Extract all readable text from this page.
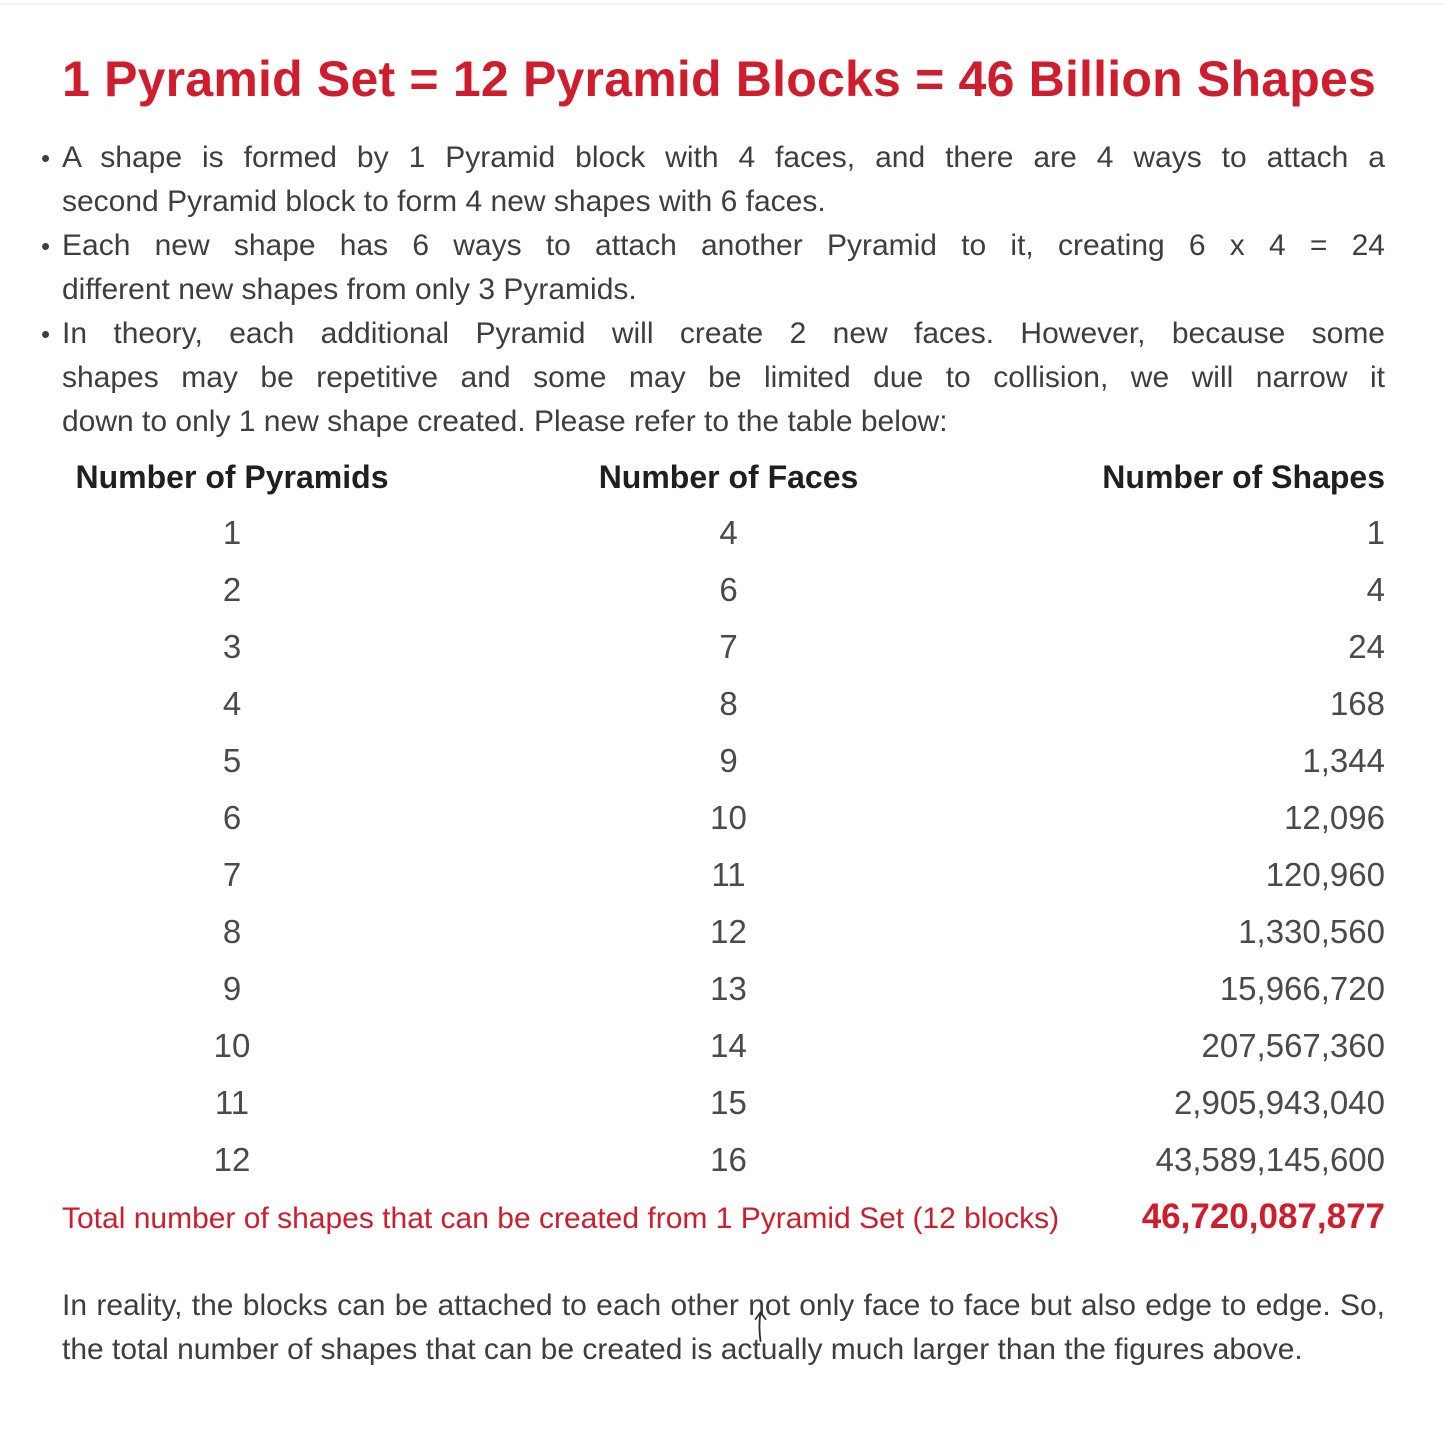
1 Pyramid Set = 12 Pyramid Blocks = 46 Billion Shapes
• A shape is formed by 1 Pyramid block with 4 faces, and there are 4 ways to attach a
second Pyramid block to form 4 new shapes with 6 faces.
• Each new shape has 6 ways to attach another Pyramid to it, creating 6 x 4 = 24
different new shapes from only 3 Pyramids.
• In theory, each additional Pyramid will create 2 new faces. However, because some
shapes may be repetitive and some may be limited due to collision, we will narrow it
down to only 1 new shape created. Please refer to the table below:
Number of Pyramids	Number of Faces	Number of Shapes
1	4	1
2	6	4
3	7	24
4	8	168
5	9	1,344
6	10	12,096
7	11	120,960
8	12	1,330,560
9	13	15,966,720
10	14	207,567,360
11	15	2,905,943,040
12	16	43,589,145,600
Total number of shapes that can be created from 1 Pyramid Set (12 blocks) 46,720,087,877
In reality, the blocks can be attached to each other not only face to face but also edge to edge. So,
the total number of shapes that can be created is actually much larger than the figures above.
